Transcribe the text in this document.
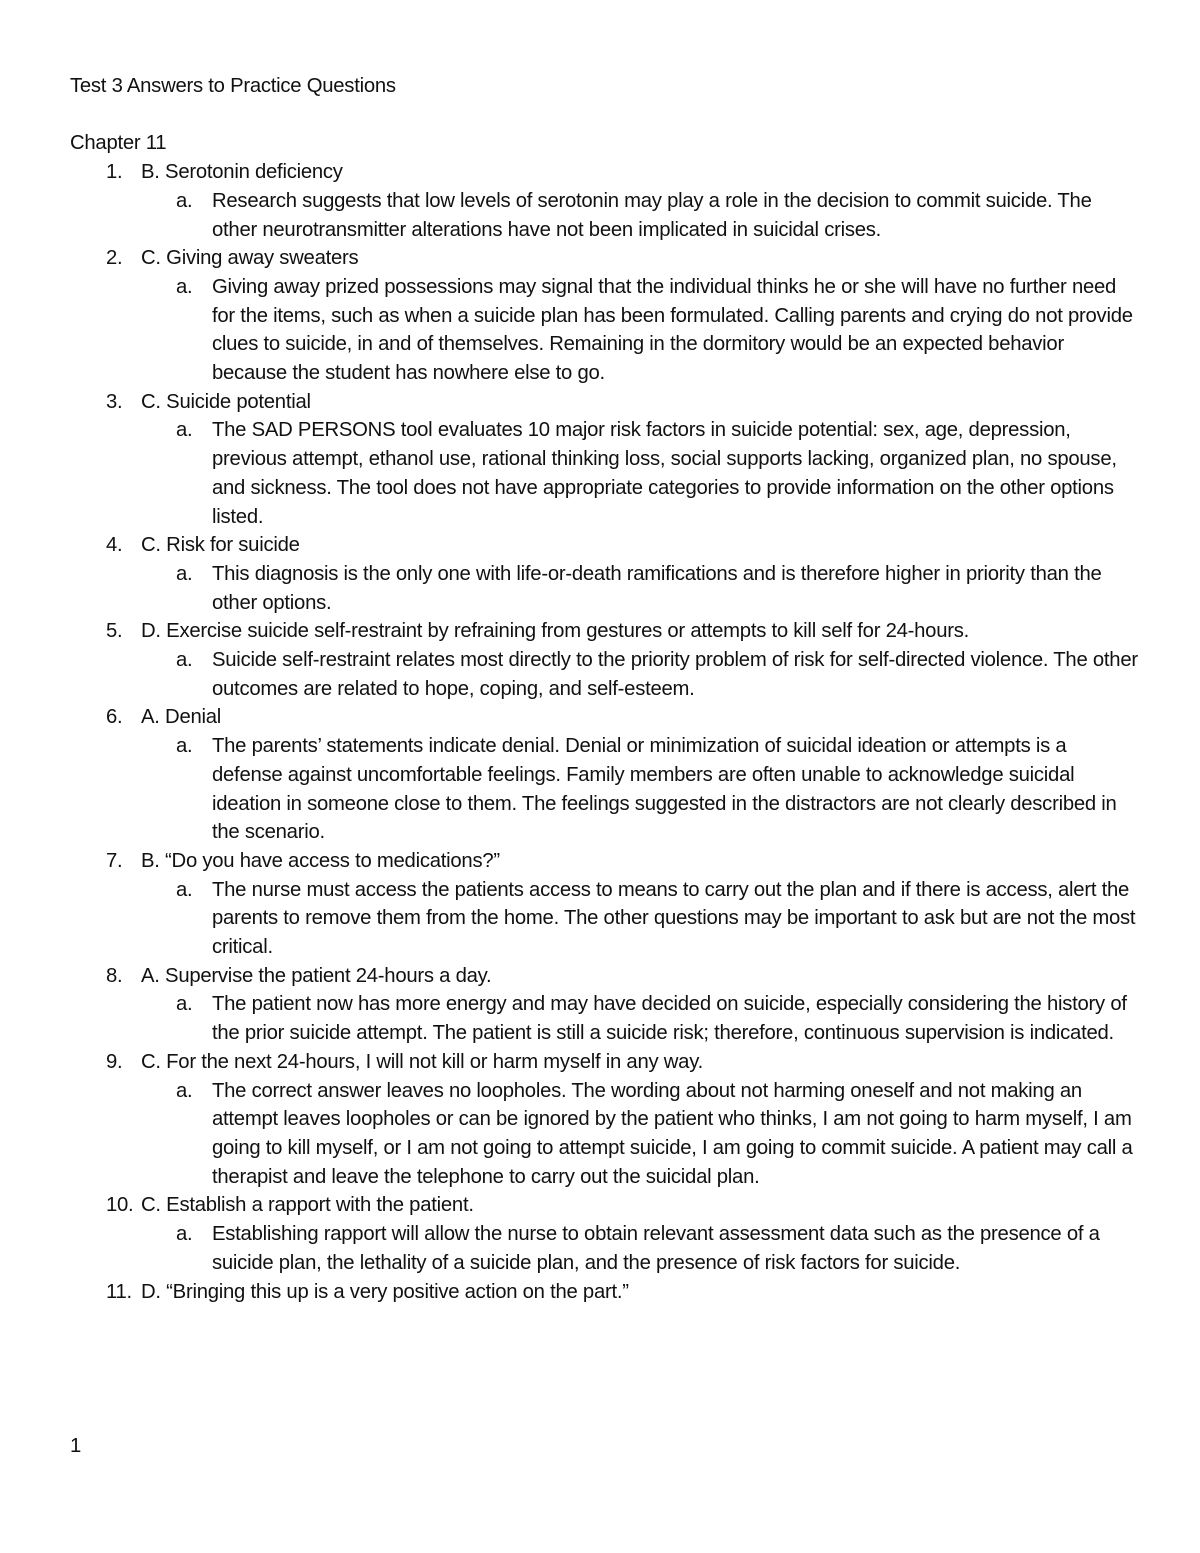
Test 3 Answers to Practice Questions
Chapter 11
1. B. Serotonin deficiency
a. Research suggests that low levels of serotonin may play a role in the decision to commit suicide. The other neurotransmitter alterations have not been implicated in suicidal crises.
2. C. Giving away sweaters
a. Giving away prized possessions may signal that the individual thinks he or she will have no further need for the items, such as when a suicide plan has been formulated. Calling parents and crying do not provide clues to suicide, in and of themselves. Remaining in the dormitory would be an expected behavior because the student has nowhere else to go.
3. C. Suicide potential
a. The SAD PERSONS tool evaluates 10 major risk factors in suicide potential: sex, age, depression, previous attempt, ethanol use, rational thinking loss, social supports lacking, organized plan, no spouse, and sickness. The tool does not have appropriate categories to provide information on the other options listed.
4. C. Risk for suicide
a. This diagnosis is the only one with life-or-death ramifications and is therefore higher in priority than the other options.
5. D. Exercise suicide self-restraint by refraining from gestures or attempts to kill self for 24-hours.
a. Suicide self-restraint relates most directly to the priority problem of risk for self-directed violence. The other outcomes are related to hope, coping, and self-esteem.
6. A. Denial
a. The parents’ statements indicate denial. Denial or minimization of suicidal ideation or attempts is a defense against uncomfortable feelings. Family members are often unable to acknowledge suicidal ideation in someone close to them. The feelings suggested in the distractors are not clearly described in the scenario.
7. B. “Do you have access to medications?”
a. The nurse must access the patients access to means to carry out the plan and if there is access, alert the parents to remove them from the home. The other questions may be important to ask but are not the most critical.
8. A. Supervise the patient 24-hours a day.
a. The patient now has more energy and may have decided on suicide, especially considering the history of the prior suicide attempt. The patient is still a suicide risk; therefore, continuous supervision is indicated.
9. C. For the next 24-hours, I will not kill or harm myself in any way.
a. The correct answer leaves no loopholes. The wording about not harming oneself and not making an attempt leaves loopholes or can be ignored by the patient who thinks, I am not going to harm myself, I am going to kill myself, or I am not going to attempt suicide, I am going to commit suicide. A patient may call a therapist and leave the telephone to carry out the suicidal plan.
10. C. Establish a rapport with the patient.
a. Establishing rapport will allow the nurse to obtain relevant assessment data such as the presence of a suicide plan, the lethality of a suicide plan, and the presence of risk factors for suicide.
11. D. “Bringing this up is a very positive action on the part.”
1
